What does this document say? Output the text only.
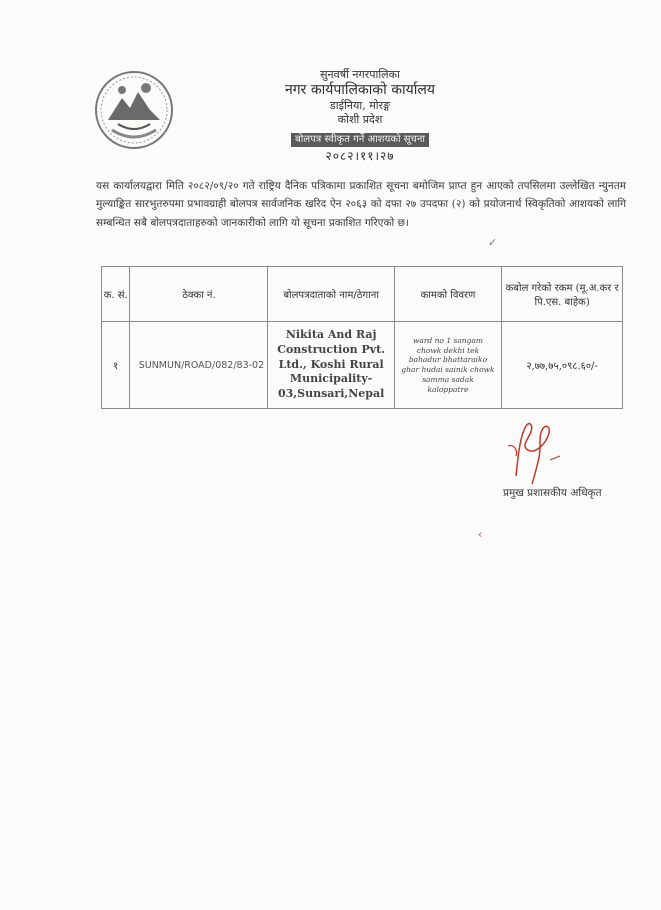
सुनवर्षी नगरपालिका
नगर कार्यपालिकाको कार्यालय
डाईनिया, मोरङ्ग
कोशी प्रदेश
बोलपत्र स्वीकृत गर्ने आशयको सूचना
२०८२।११।२७
यस कार्यालयद्वारा मिति २०८२/०९/२० गते राष्ट्रिय दैनिक पत्रिकामा प्रकाशित सूचना बमोजिम प्राप्त हुन आएको तपसिलमा उल्लेखित न्युनतम मुल्याङ्कित सारभुतरुपमा प्रभावग्राही बोलपत्र सार्वजनिक खरिद ऐन २०६३ को दफा २७ उपदफा (२) को प्रयोजनार्थ स्विकृतिको आशयको लागि सम्बन्धित सबै बोलपत्रदाताहरुको जानकारीको लागि यो सूचना प्रकाशित गरिएको छ।
क. सं.	ठेक्का नं.	बोलपत्रदाताको नाम/ठेगाना	कामको विवरण	कबोल गरेको रकम (मू.अ.कर र पि.एस. बाहेक)
१	SUNMUN/ROAD/082/83-02	Nikita And Raj Construction Pvt. Ltd., Koshi Rural Municipality-03,Sunsari,Nepal	ward no 1 sangam chowk dekhi tek bahadur bhattaraiko ghar hudai sainik chowk samma sadak kaloppatre	२,७७,७५,०९८.६०/-
प्रमुख प्रशासकीय अधिकृत
‹
✓
